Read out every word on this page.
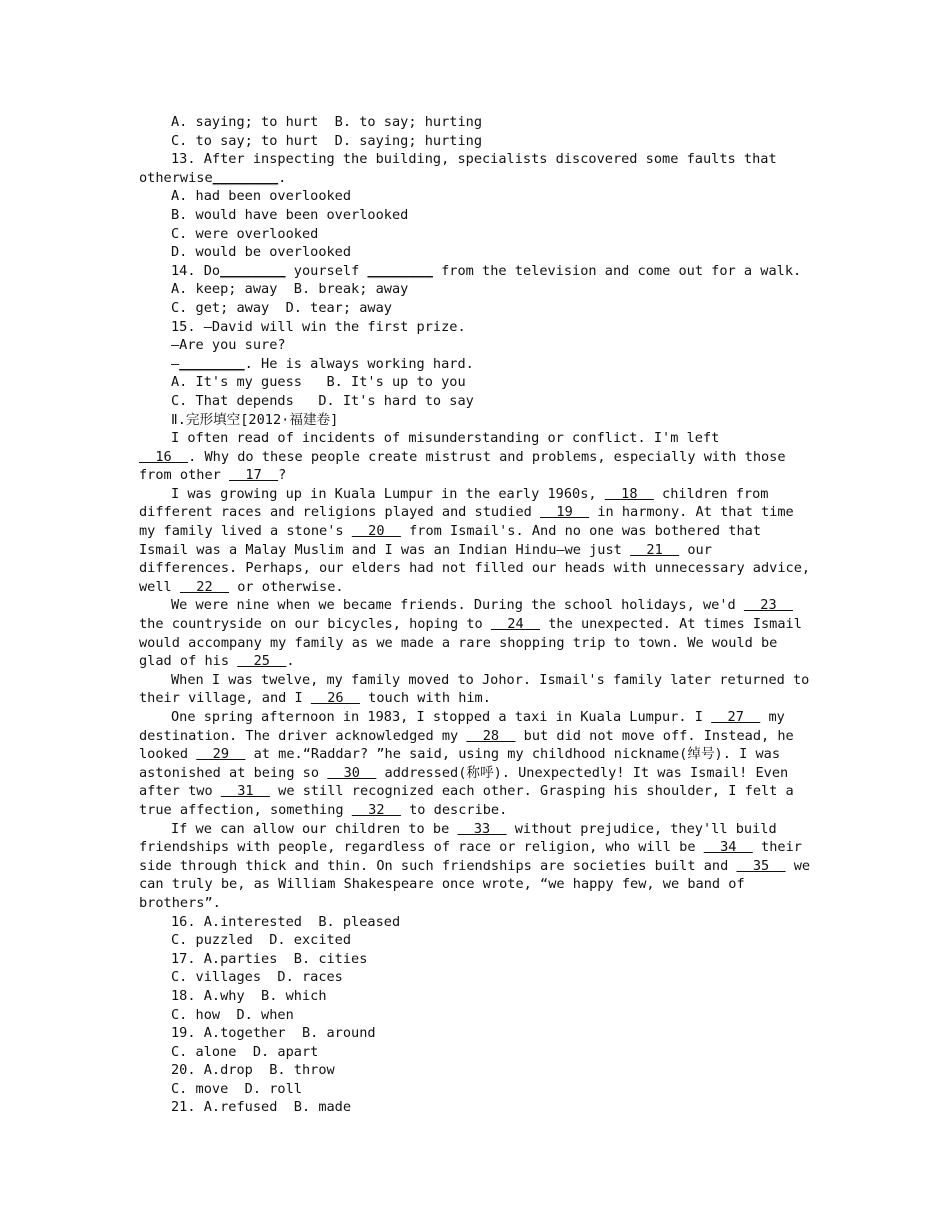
A. saying; to hurt  B. to say; hurting
C. to say; to hurt  D. saying; hurting
13. After inspecting the building, specialists discovered some faults that
otherwise________.
A. had been overlooked
B. would have been overlooked
C. were overlooked
D. would be overlooked
14. Do________ yourself ________ from the television and come out for a walk.
A. keep; away  B. break; away
C. get; away  D. tear; away
15. —David will win the first prize.
—Are you sure?
—________. He is always working hard.
A. It's my guess   B. It's up to you
C. That depends   D. It's hard to say
Ⅱ.完形填空[2012·福建卷]
I often read of incidents of misunderstanding or conflict. I'm left
16  . Why do these people create mistrust and problems, especially with those
from other   17  ?
I was growing up in Kuala Lumpur in the early 1960s,   18   children from
different races and religions played and studied   19   in harmony. At that time
my family lived a stone's   20   from Ismail's. And no one was bothered that
Ismail was a Malay Muslim and I was an Indian Hindu—we just   21   our
differences. Perhaps, our elders had not filled our heads with unnecessary advice,
well   22   or otherwise.
We were nine when we became friends. During the school holidays, we'd   23
the countryside on our bicycles, hoping to   24   the unexpected. At times Ismail
would accompany my family as we made a rare shopping trip to town. We would be
glad of his   25  .
When I was twelve, my family moved to Johor. Ismail's family later returned to
their village, and I   26   touch with him.
One spring afternoon in 1983, I stopped a taxi in Kuala Lumpur. I   27   my
destination. The driver acknowledged my   28   but did not move off. Instead, he
looked   29   at me.“Raddar? ”he said, using my childhood nickname(绰号). I was
astonished at being so   30   addressed(称呼). Unexpectedly! It was Ismail! Even
after two   31   we still recognized each other. Grasping his shoulder, I felt a
true affection, something   32   to describe.
If we can allow our children to be   33   without prejudice, they'll build
friendships with people, regardless of race or religion, who will be   34   their
side through thick and thin. On such friendships are societies built and   35   we
can truly be, as William Shakespeare once wrote, “we happy few, we band of
brothers”.
16. A.interested  B. pleased
C. puzzled  D. excited
17. A.parties  B. cities
C. villages  D. races
18. A.why  B. which
C. how  D. when
19. A.together  B. around
C. alone  D. apart
20. A.drop  B. throw
C. move  D. roll
21. A.refused  B. made
